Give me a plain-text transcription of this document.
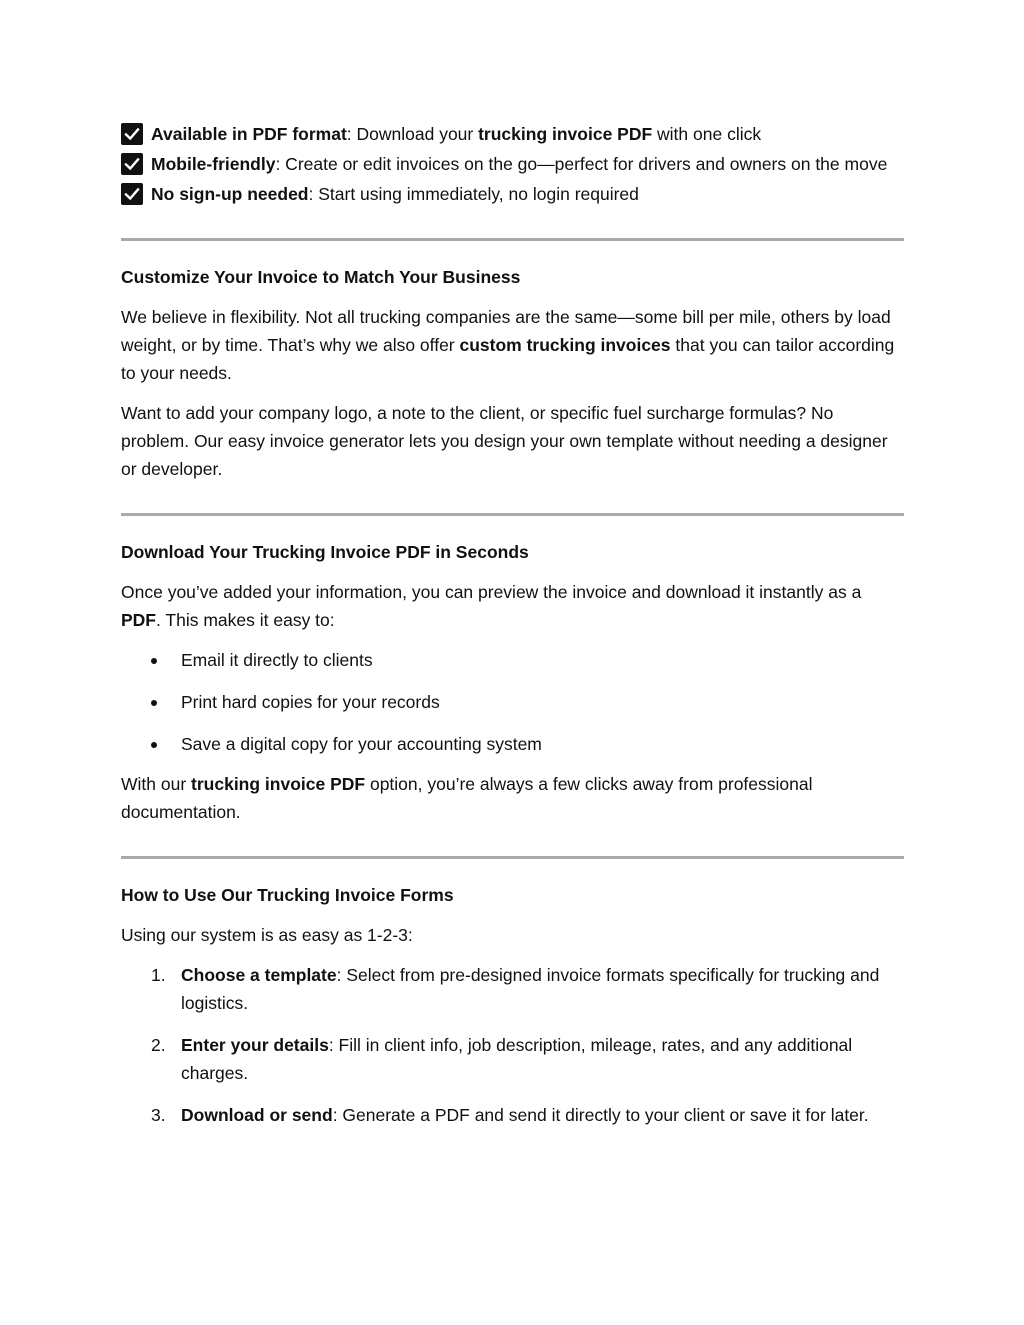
Available in PDF format: Download your trucking invoice PDF with one click

Mobile-friendly: Create or edit invoices on the go—perfect for drivers and owners on the move

No sign-up needed: Start using immediately, no login required

Customize Your Invoice to Match Your Business

We believe in flexibility. Not all trucking companies are the same—some bill per mile, others by load weight, or by time. That’s why we also offer custom trucking invoices that you can tailor according to your needs.

Want to add your company logo, a note to the client, or specific fuel surcharge formulas? No problem. Our easy invoice generator lets you design your own template without needing a designer or developer.

Download Your Trucking Invoice PDF in Seconds

Once you’ve added your information, you can preview the invoice and download it instantly as a PDF. This makes it easy to:

Email it directly to clients
Print hard copies for your records
Save a digital copy for your accounting system

With our trucking invoice PDF option, you’re always a few clicks away from professional documentation.

How to Use Our Trucking Invoice Forms

Using our system is as easy as 1-2-3:

1. Choose a template: Select from pre-designed invoice formats specifically for trucking and logistics.
2. Enter your details: Fill in client info, job description, mileage, rates, and any additional charges.
3. Download or send: Generate a PDF and send it directly to your client or save it for later.
